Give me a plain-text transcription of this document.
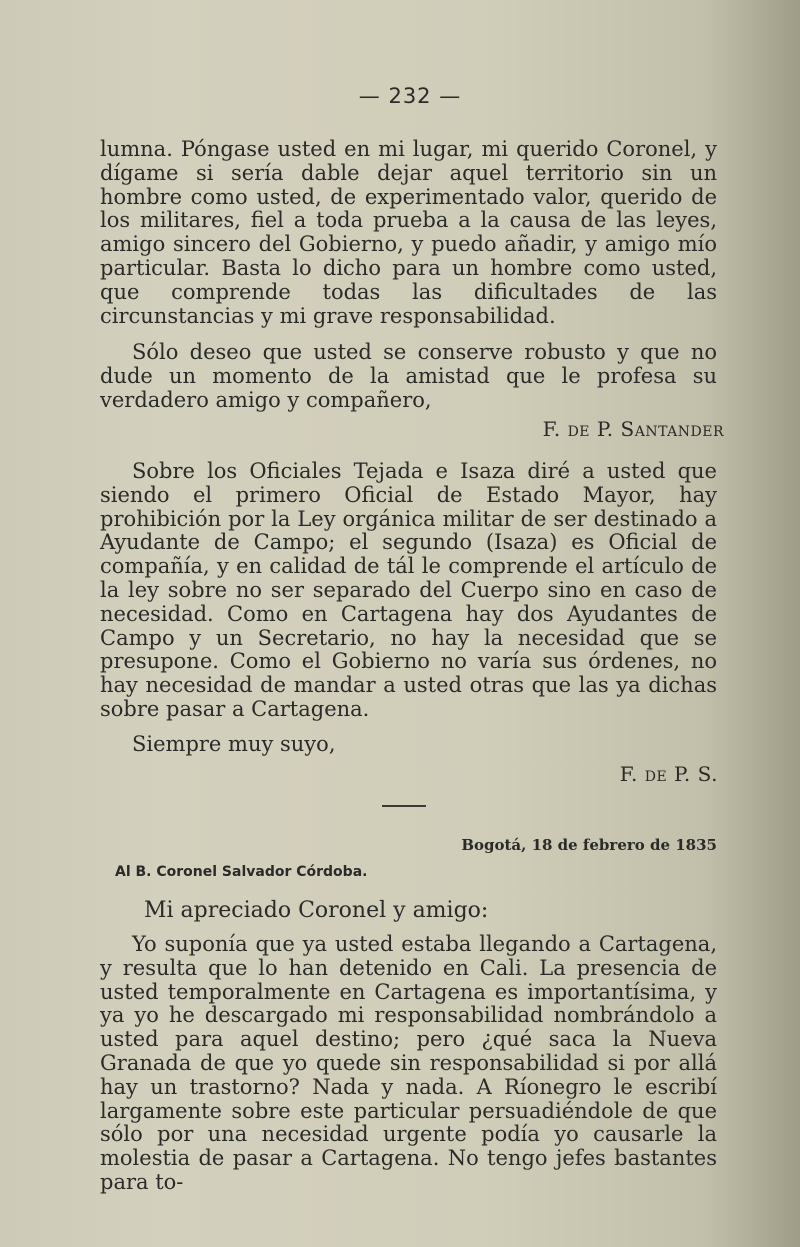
— 232 —

lumna. Póngase usted en mi lugar, mi querido Coronel, y dígame si sería dable dejar aquel territorio sin un hombre como usted, de experimentado valor, querido de los militares, fiel a toda prueba a la causa de las leyes, amigo sincero del Gobierno, y puedo añadir, y amigo mío particular. Basta lo dicho para un hombre como usted, que comprende todas las dificultades de las circunstancias y mi grave responsabilidad.

Sólo deseo que usted se conserve robusto y que no dude un momento de la amistad que le profesa su verdadero amigo y compañero,

F. de P. Santander

Sobre los Oficiales Tejada e Isaza diré a usted que siendo el primero Oficial de Estado Mayor, hay prohibición por la Ley orgánica militar de ser destinado a Ayudante de Campo; el segundo (Isaza) es Oficial de compañía, y en calidad de tál le comprende el artículo de la ley sobre no ser separado del Cuerpo sino en caso de necesidad. Como en Cartagena hay dos Ayudantes de Campo y un Secretario, no hay la necesidad que se presupone. Como el Gobierno no varía sus órdenes, no hay necesidad de mandar a usted otras que las ya dichas sobre pasar a Cartagena.

Siempre muy suyo,

F. de P. S.
Bogotá, 18 de febrero de 1835
Al B. Coronel Salvador Córdoba.
Mi apreciado Coronel y amigo:

Yo suponía que ya usted estaba llegando a Cartagena, y resulta que lo han detenido en Cali. La presencia de usted temporalmente en Cartagena es importantísima, y ya yo he descargado mi responsabilidad nombrándolo a usted para aquel destino; pero ¿qué saca la Nueva Granada de que yo quede sin responsabilidad si por allá hay un trastorno? Nada y nada. A Ríonegro le escribí largamente sobre este particular persuadiéndole de que sólo por una necesidad urgente podía yo causarle la molestia de pasar a Cartagena. No tengo jefes bastantes para to-
